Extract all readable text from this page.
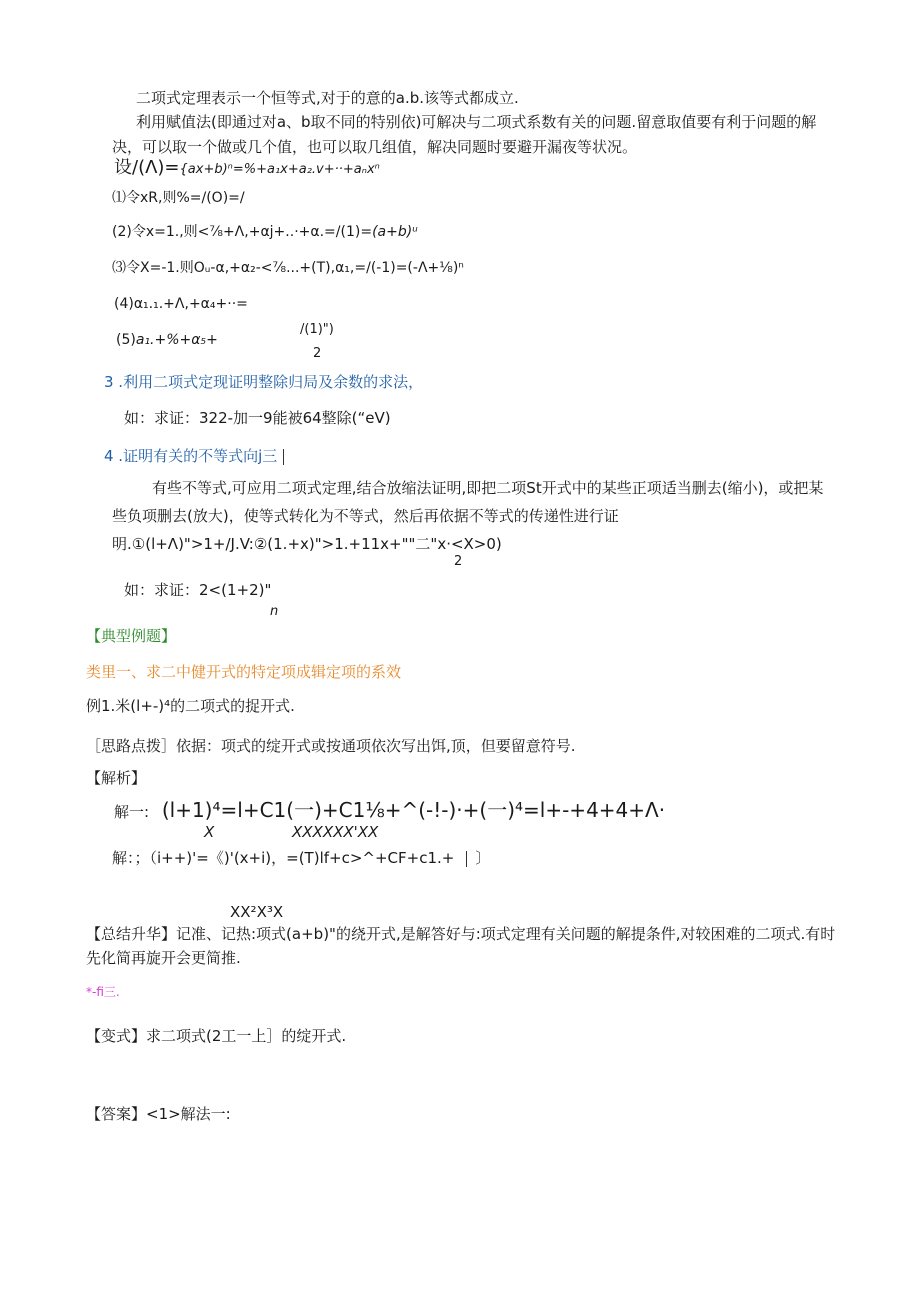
二项式定理表示一个恒等式,对于的意的a.b.该等式都成立.
利用赋值法(即通过对a、b取不同的特别依)可解决与二项式系数有关的问题.留意取值要有利于问题的解
决，可以取一个做或几个值，也可以取几组值，解决同题时要避开漏夜等状况。
设/(Λ)={ax+b)ⁿ=%+a₁x+a₂.v+··+aₙxⁿ
⑴令xR,则%=/(O)=/
(2)令x=1.,则<⅞+Λ,+αj+..·+α.=/(1)=(a+b)ᵘ
⑶令X=-1.则Oᵤ-α,+α₂-<⅞...+(T),α₁,=/(-1)=(-Λ+⅛)ⁿ
(4)α₁.₁.+Λ,+α₄+··=
(5)a₁.+%+α₅+
/(1)")
2
3 .利用二项式定现证明整除归局及余数的求法，
如：求证：322-加一9能被64整除(“eV)
4 .证明有关的不等式向j三
有些不等式,可应用二项式定理,结合放缩法证明,即把二项St开式中的某些正项适当删去(缩小)，或把某
些负项删去(放大)，使等式转化为不等式，然后再依据不等式的传递性进行证
明.①(l+Λ)">1+/J.V:②(1.+x)">1.+11x+""二"x·<X>0)
2
如：求证：2<(1+2)"
n
【典型例题】
类里一、求二中健开式的特定项成辑定项的系效
例1.米(l+-)⁴的二项式的捉开式.
［思路点拨］依据：项式的绽开式或按通项依次写出饵,顶，但要留意符号.
【解析】
解一: (l+1)⁴=l+C1(一)+C1⅛+^(-!-)·+(一)⁴=l+-+4+4+Λ·
X	XXXXXX'XX
解：；（i++)'=《)'(x+i)，=(T)lf+c>^+CF+c1.+ 〕
XX²X³X
【总结升华】记准、记热:项式(a+b)"的绕开式,是解答好与:项式定理有关问题的解提条件,对较困难的二项式.有时
先化简再旋开会更简推.
*-fi三.
【变式】求二项式(2工一上］的绽开式.
【答案】<1>解法一:
